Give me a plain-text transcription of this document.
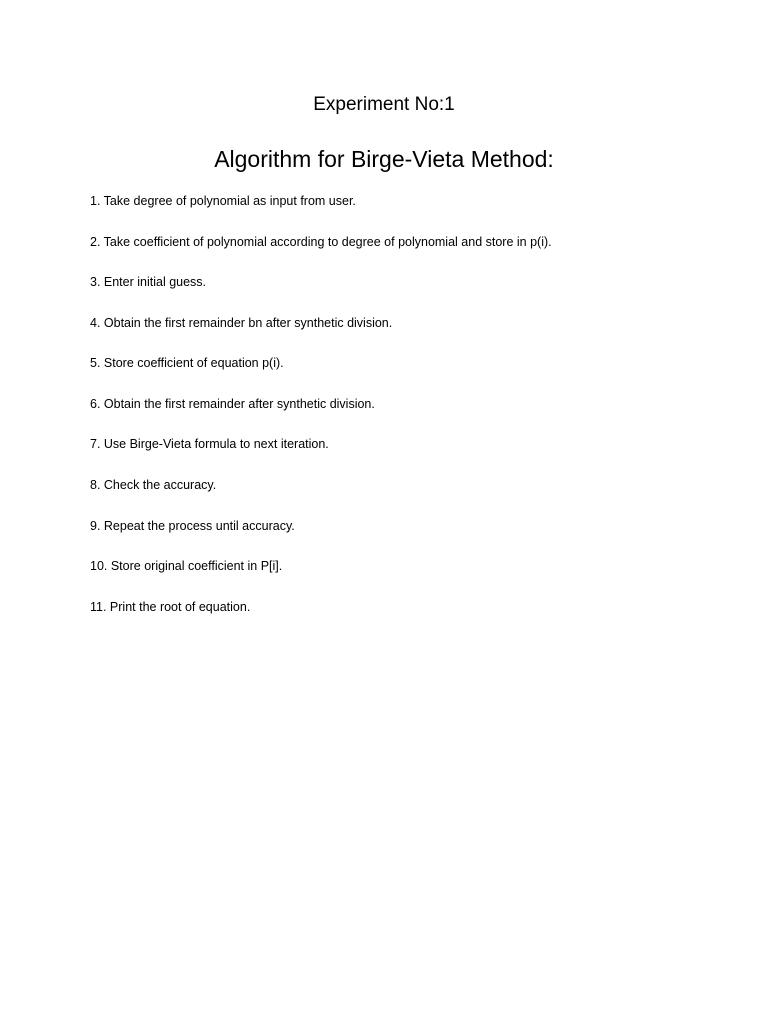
Experiment No:1
Algorithm for Birge-Vieta Method:
1. Take degree of polynomial as input from user.
2. Take coefficient of polynomial according to degree of polynomial and store in p(i).
3. Enter initial guess.
4. Obtain the first remainder bn after synthetic division.
5. Store coefficient of equation p(i).
6. Obtain the first remainder after synthetic division.
7. Use Birge-Vieta formula to next iteration.
8. Check the accuracy.
9. Repeat the process until accuracy.
10. Store original coefficient in P[i].
11. Print the root of equation.
